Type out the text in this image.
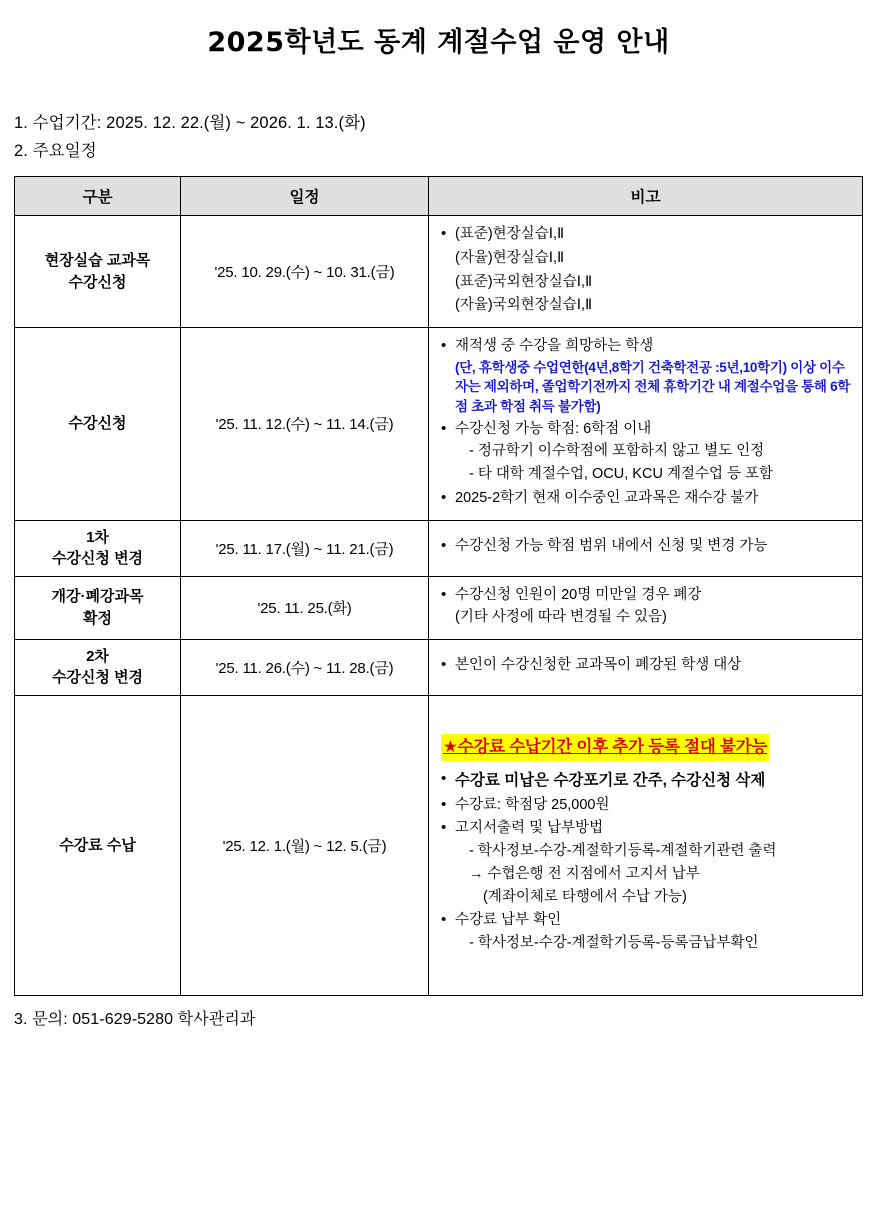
2025학년도 동계 계절수업 운영 안내
1. 수업기간: 2025. 12. 22.(월) ~ 2026. 1. 13.(화)
2. 주요일정
구분	일정	비고

현장실습 교과목
수강신청
	'25. 10. 29.(수) ~ 10. 31.(금)	
• (표준)현장실습Ⅰ,Ⅱ
(자율)현장실습Ⅰ,Ⅱ
(표준)국외현장실습Ⅰ,Ⅱ
(자율)국외현장실습Ⅰ,Ⅱ

수강신청	'25. 11. 12.(수) ~ 11. 14.(금)	
• 재적생 중 수강을 희망하는 학생
(단, 휴학생중 수업연한(4년,8학기 건축학전공 :5년,10학기) 이상 이수자는 제외하며, 졸업학기전까지 전체 휴학기간 내 계절수업을 통해 6학점 초과 학점 취득 불가함)
• 수강신청 가능 학점: 6학점 이내
- 정규학기 이수학점에 포함하지 않고 별도 인정
- 타 대학 계절수업, OCU, KCU 계절수업 등 포함
• 2025-2학기 현재 이수중인 교과목은 재수강 불가

1차
수강신청 변경
	'25. 11. 17.(월) ~ 11. 21.(금)	
•수강신청 가능 학점 범위 내에서 신청 및 변경 가능

개강·폐강과목
확정
	'25. 11. 25.(화)	
• 수강신청 인원이 20명 미만일 경우 폐강
(기타 사정에 따라 변경될 수 있음)

2차
수강신청 변경
	'25. 11. 26.(수) ~ 11. 28.(금)	
•본인이 수강신청한 교과목이 폐강된 학생 대상

수강료 수납	'25. 12. 1.(월) ~ 12. 5.(금)	
★수강료 수납기간 이후 추가 등록 절대 불가능
• 수강료 미납은 수강포기로 간주, 수강신청 삭제
• 수강료: 학점당 25,000원
• 고지서출력 및 납부방법
- 학사정보-수강-계절학기등록-계절학기관련 출력
→ 수협은행 전 지점에서 고지서 납부
(계좌이체로 타행에서 수납 가능)
• 수강료 납부 확인
- 학사정보-수강-계절학기등록-등록금납부확인
3. 문의: 051-629-5280 학사관리과
